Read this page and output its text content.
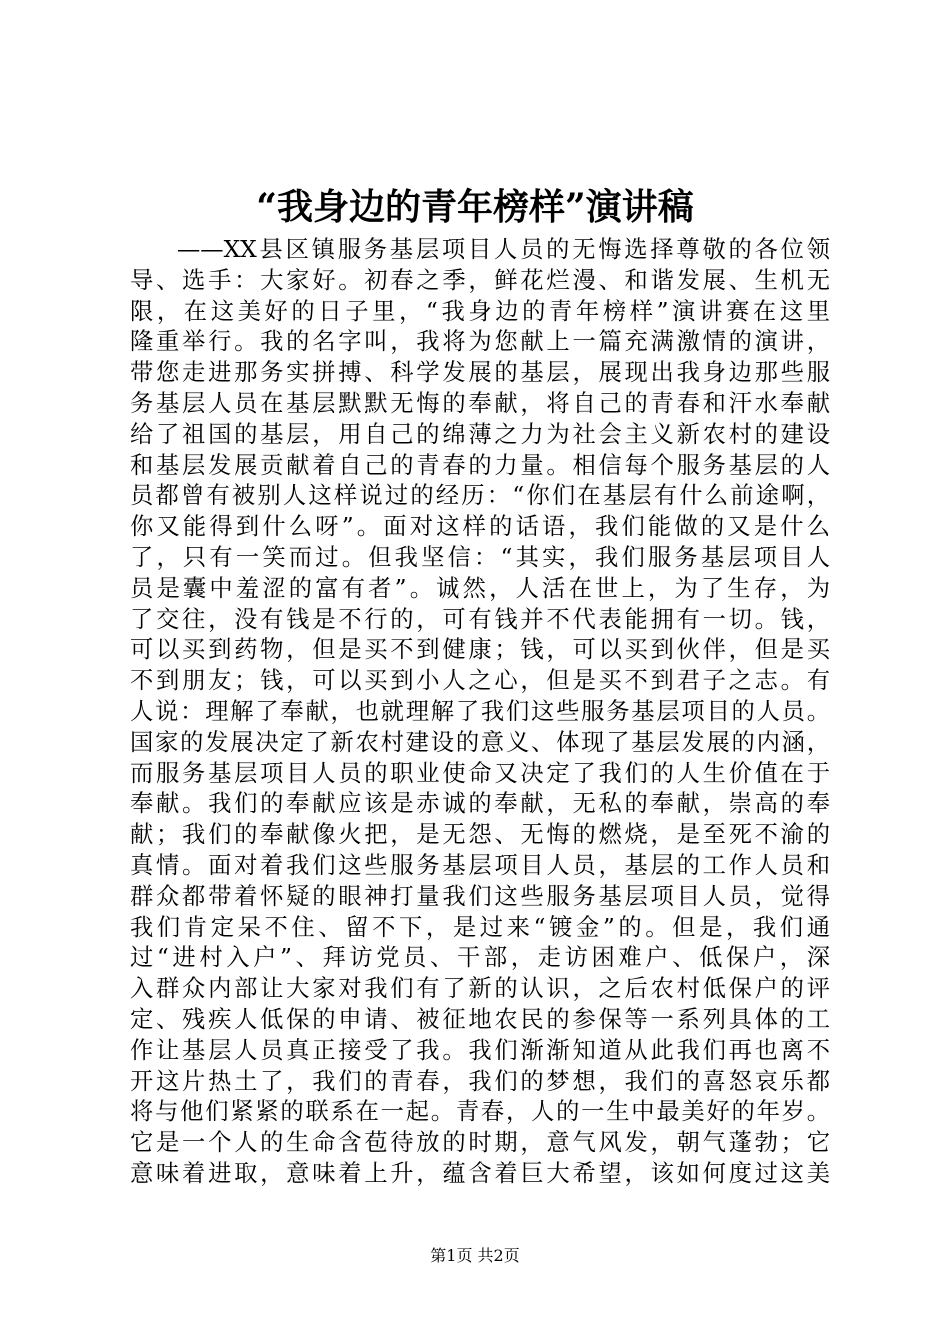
“我身边的青年榜样”演讲稿
——XX县区镇服务基层项目人员的无悔选择尊敬的各位领
导、选手：大家好。初春之季，鲜花烂漫、和谐发展、生机无
限，在这美好的日子里，“我身边的青年榜样”演讲赛在这里
隆重举行。我的名字叫，我将为您献上一篇充满激情的演讲，
带您走进那务实拼搏、科学发展的基层，展现出我身边那些服
务基层人员在基层默默无悔的奉献，将自己的青春和汗水奉献
给了祖国的基层，用自己的绵薄之力为社会主义新农村的建设
和基层发展贡献着自己的青春的力量。相信每个服务基层的人
员都曾有被别人这样说过的经历：“你们在基层有什么前途啊，
你又能得到什么呀”。面对这样的话语，我们能做的又是什么
了，只有一笑而过。但我坚信：“其实，我们服务基层项目人
员是囊中羞涩的富有者”。诚然，人活在世上，为了生存，为
了交往，没有钱是不行的，可有钱并不代表能拥有一切。钱，
可以买到药物，但是买不到健康；钱，可以买到伙伴，但是买
不到朋友；钱，可以买到小人之心，但是买不到君子之志。有
人说：理解了奉献，也就理解了我们这些服务基层项目的人员。
国家的发展决定了新农村建设的意义、体现了基层发展的内涵，
而服务基层项目人员的职业使命又决定了我们的人生价值在于
奉献。我们的奉献应该是赤诚的奉献，无私的奉献，崇高的奉
献；我们的奉献像火把，是无怨、无悔的燃烧，是至死不渝的
真情。面对着我们这些服务基层项目人员，基层的工作人员和
群众都带着怀疑的眼神打量我们这些服务基层项目人员，觉得
我们肯定呆不住、留不下，是过来“镀金”的。但是，我们通
过“进村入户”、拜访党员、干部，走访困难户、低保户，深
入群众内部让大家对我们有了新的认识，之后农村低保户的评
定、残疾人低保的申请、被征地农民的参保等一系列具体的工
作让基层人员真正接受了我。我们渐渐知道从此我们再也离不
开这片热土了，我们的青春，我们的梦想，我们的喜怒哀乐都
将与他们紧紧的联系在一起。青春，人的一生中最美好的年岁。
它是一个人的生命含苞待放的时期，意气风发，朝气蓬勃；它
意味着进取，意味着上升，蕴含着巨大希望，该如何度过这美
第1页 共2页
